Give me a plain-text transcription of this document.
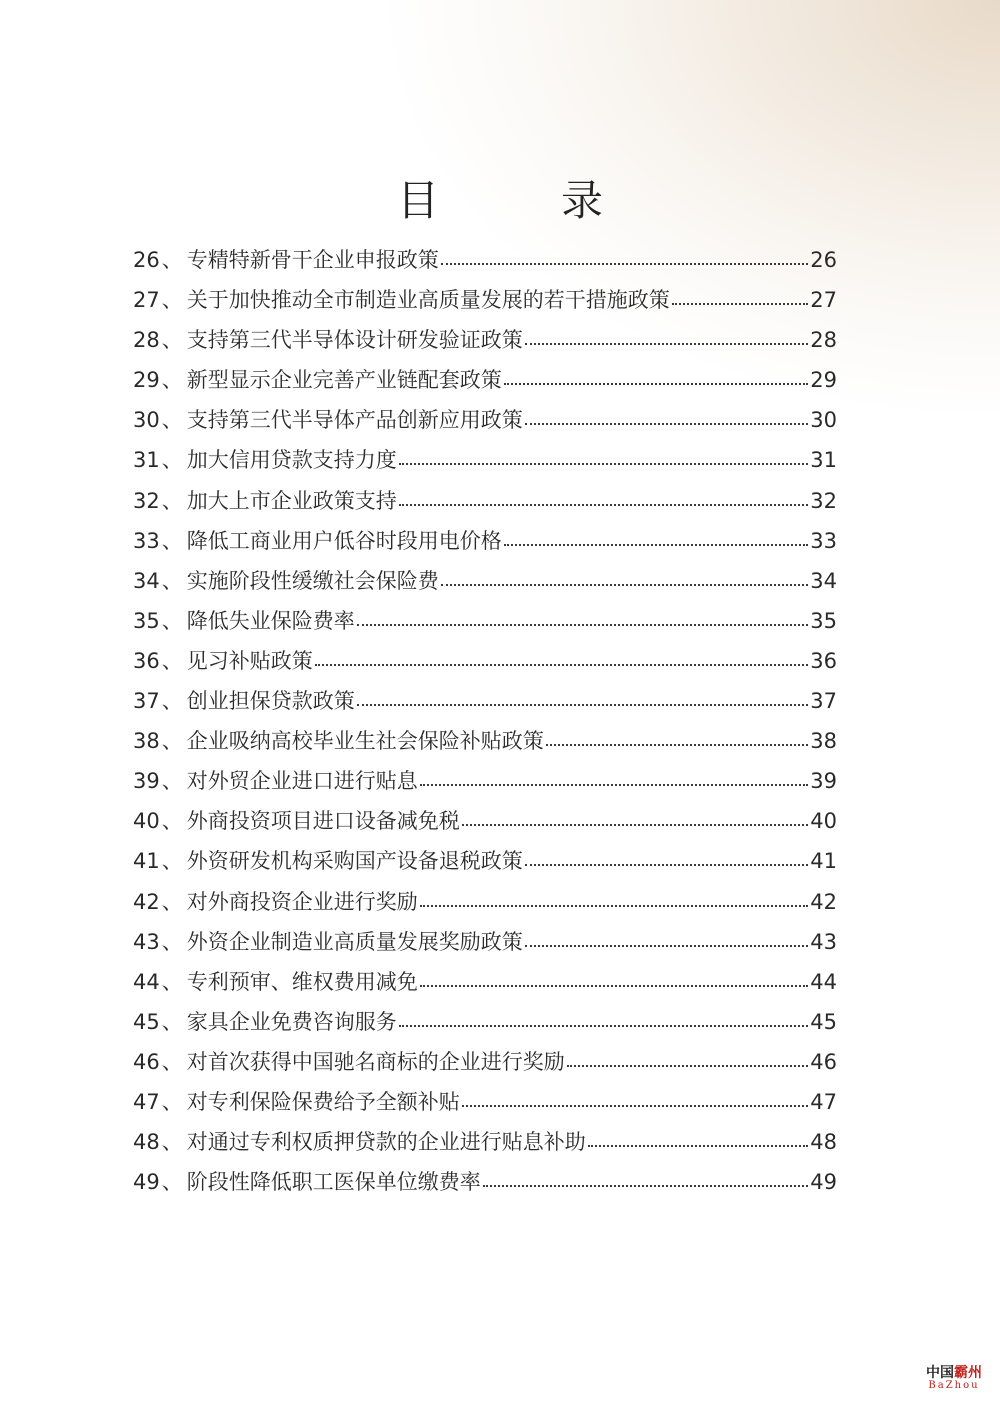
目　录
26 、 专精特新骨干企业申报政策	26
27 、 关于加快推动全市制造业高质量发展的若干措施政策	27
28 、 支持第三代半导体设计研发验证政策	28
29 、 新型显示企业完善产业链配套政策	29
30 、 支持第三代半导体产品创新应用政策	30
31 、 加大信用贷款支持力度	31
32 、 加大上市企业政策支持	32
33 、 降低工商业用户低谷时段用电价格	33
34 、 实施阶段性缓缴社会保险费	34
35 、 降低失业保险费率	35
36 、 见习补贴政策	36
37 、 创业担保贷款政策	37
38 、 企业吸纳高校毕业生社会保险补贴政策	38
39 、 对外贸企业进口进行贴息	39
40 、 外商投资项目进口设备减免税	40
41 、 外资研发机构采购国产设备退税政策	41
42 、 对外商投资企业进行奖励	42
43 、 外资企业制造业高质量发展奖励政策	43
44 、 专利预审、维权费用减免	44
45 、 家具企业免费咨询服务	45
46 、 对首次获得中国驰名商标的企业进行奖励	46
47 、 对专利保险保费给予全额补贴	47
48 、 对通过专利权质押贷款的企业进行贴息补助	48
49 、 阶段性降低职工医保单位缴费率	49
中国霸州
BaZhou
